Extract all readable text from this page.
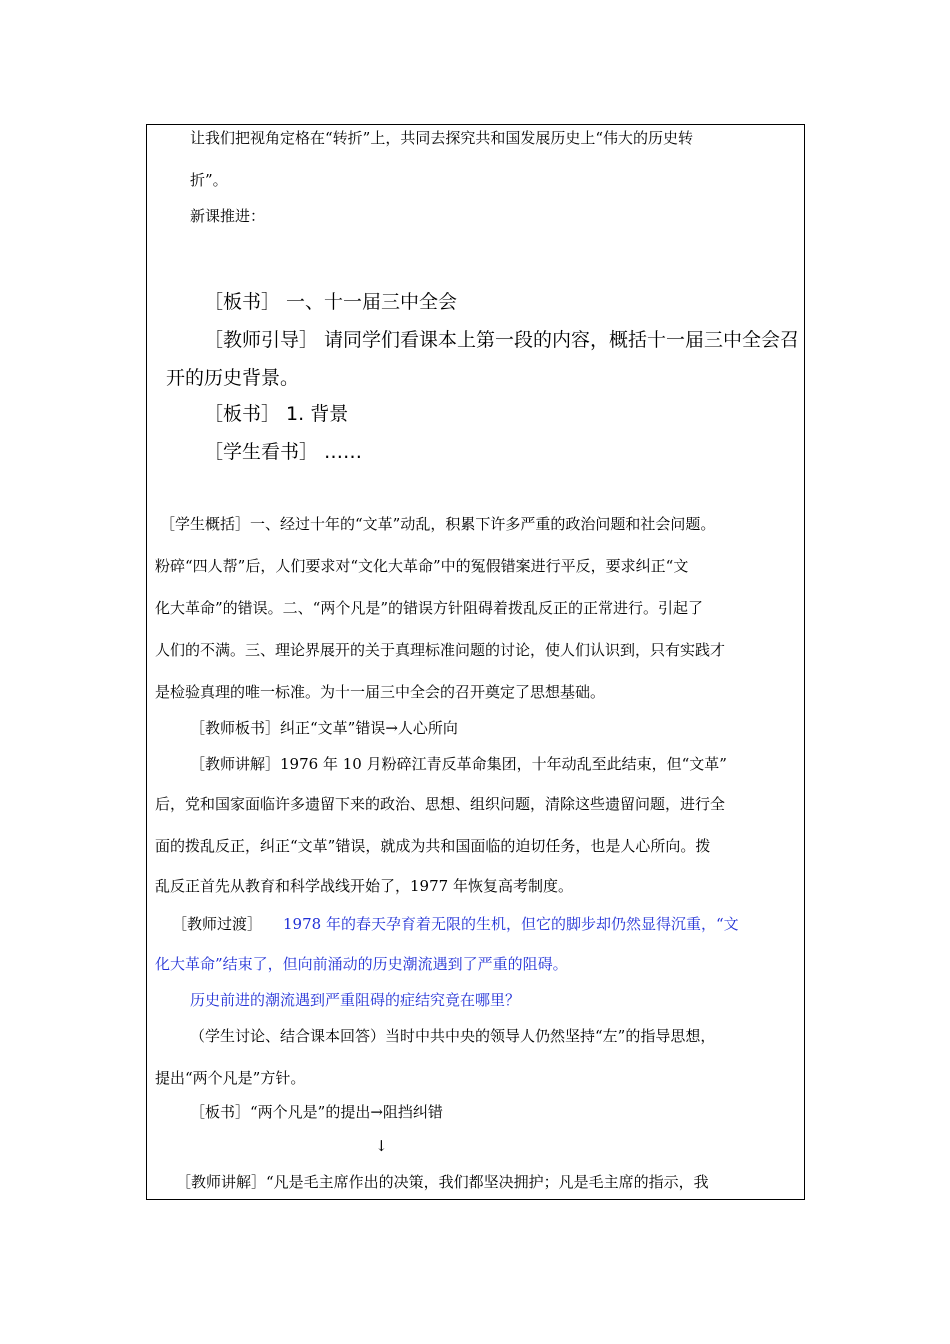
让我们把视角定格在“转折”上，共同去探究共和国发展历史上“伟大的历史转
折”。
新课推进：
［板书］ 一、十一届三中全会
［教师引导］ 请同学们看课本上第一段的内容，概括十一届三中全会召
开的历史背景。
［板书］ 1. 背景
［学生看书］ ……
［学生概括］一、经过十年的“文革”动乱，积累下许多严重的政治问题和社会问题。
粉碎“四人帮”后，人们要求对“文化大革命”中的冤假错案进行平反，要求纠正“文
化大革命”的错误。二、“两个凡是”的错误方针阻碍着拨乱反正的正常进行。引起了
人们的不满。三、理论界展开的关于真理标准问题的讨论，使人们认识到，只有实践才
是检验真理的唯一标准。为十一届三中全会的召开奠定了思想基础。
［教师板书］纠正“文革”错误→人心所向
［教师讲解］1976 年 10 月粉碎江青反革命集团，十年动乱至此结束，但“文革”
后，党和国家面临许多遗留下来的政治、思想、组织问题，清除这些遗留问题，进行全
面的拨乱反正，纠正“文革”错误，就成为共和国面临的迫切任务，也是人心所向。拨
乱反正首先从教育和科学战线开始了，1977 年恢复高考制度。
［教师过渡］ 1978 年的春天孕育着无限的生机，但它的脚步却仍然显得沉重，“文
化大革命”结束了，但向前涌动的历史潮流遇到了严重的阻碍。
历史前进的潮流遇到严重阻碍的症结究竟在哪里？
（学生讨论、结合课本回答）当时中共中央的领导人仍然坚持“左”的指导思想，
提出“两个凡是”方针。
［板书］“两个凡是”的提出→阻挡纠错
↓
［教师讲解］“凡是毛主席作出的决策，我们都坚决拥护；凡是毛主席的指示，我
